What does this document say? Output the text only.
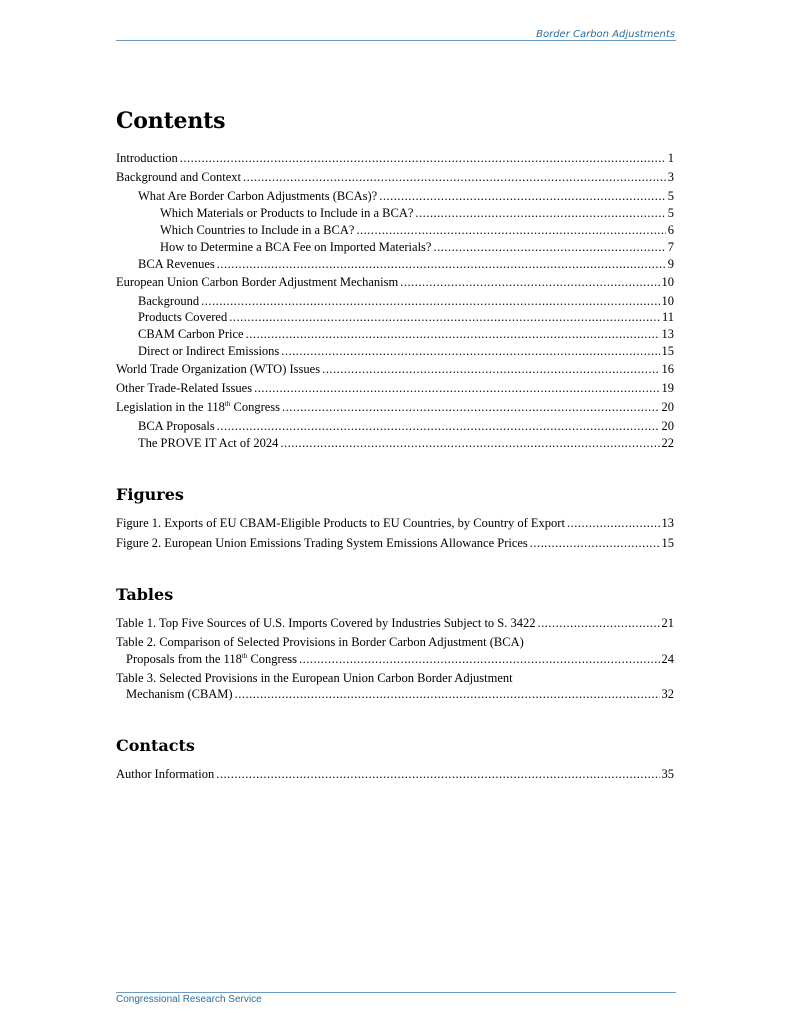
Border Carbon Adjustments
Contents
Introduction .....	1
Background and Context .....	3
What Are Border Carbon Adjustments (BCAs)? .....	5
Which Materials or Products to Include in a BCA? .....	5
Which Countries to Include in a BCA? .....	6
How to Determine a BCA Fee on Imported Materials? .....	7
BCA Revenues .....	9
European Union Carbon Border Adjustment Mechanism .....	10
Background .....	10
Products Covered .....	11
CBAM Carbon Price .....	13
Direct or Indirect Emissions .....	15
World Trade Organization (WTO) Issues .....	16
Other Trade-Related Issues .....	19
Legislation in the 118th Congress .....	20
BCA Proposals .....	20
The PROVE IT Act of 2024 .....	22
Figures
Figure 1. Exports of EU CBAM-Eligible Products to EU Countries, by Country of Export .....	13
Figure 2. European Union Emissions Trading System Emissions Allowance Prices .....	15
Tables
Table 1. Top Five Sources of U.S. Imports Covered by Industries Subject to S. 3422 .....	21
Table 2. Comparison of Selected Provisions in Border Carbon Adjustment (BCA)
Proposals from the 118th Congress .....	24
Table 3. Selected Provisions in the European Union Carbon Border Adjustment
Mechanism (CBAM) .....	32
Contacts
Author Information .....	35
Congressional Research Service
